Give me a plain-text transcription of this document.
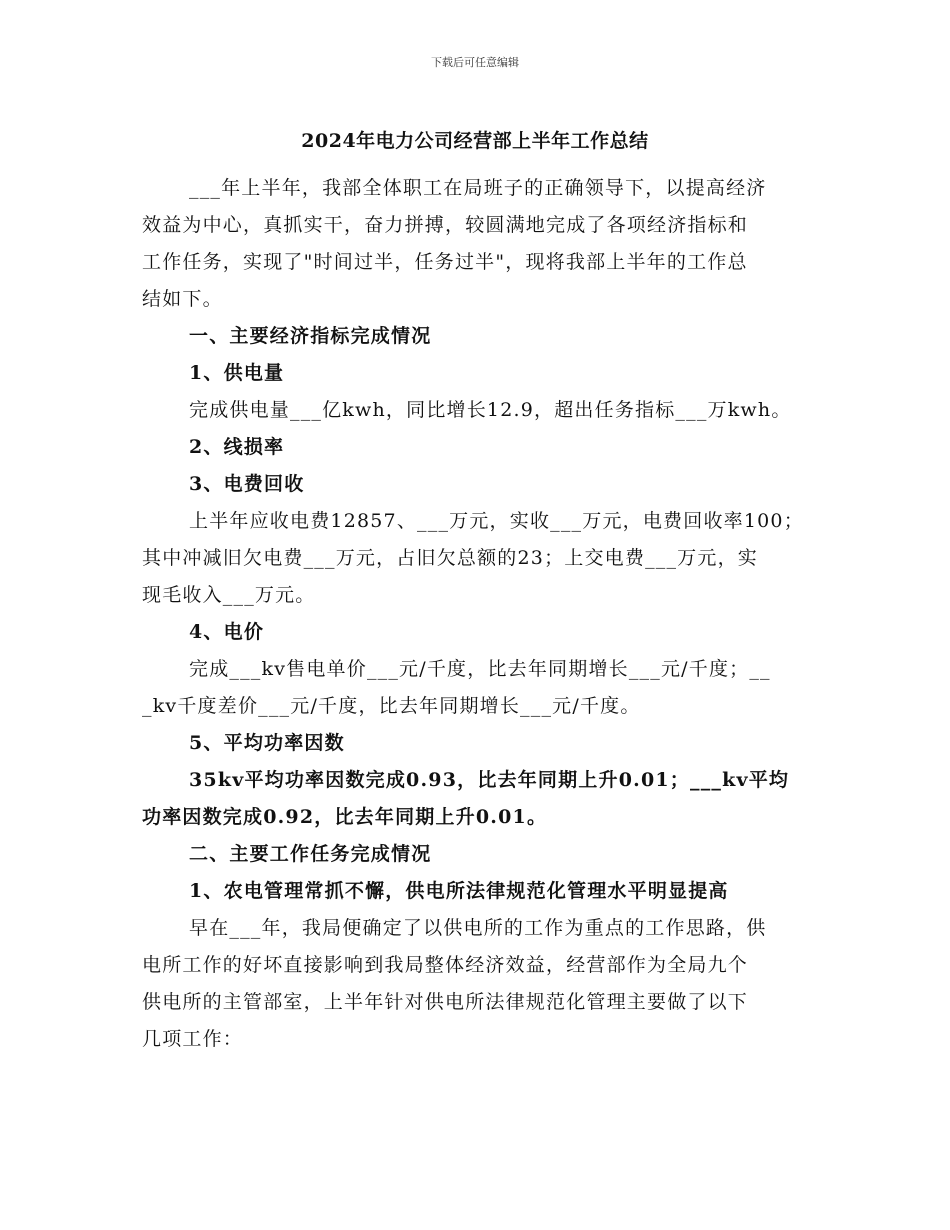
下载后可任意编辑
2024年电力公司经营部上半年工作总结
___年上半年，我部全体职工在局班子的正确领导下，以提高经济
效益为中心，真抓实干，奋力拼搏，较圆满地完成了各项经济指标和
工作任务，实现了"时间过半，任务过半"，现将我部上半年的工作总
结如下。
一、主要经济指标完成情况
1、供电量
完成供电量___亿kwh，同比增长12.9，超出任务指标___万kwh。
2、线损率
3、电费回收
上半年应收电费12857、___万元，实收___万元，电费回收率100；
其中冲减旧欠电费___万元，占旧欠总额的23；上交电费___万元，实
现毛收入___万元。
4、电价
完成___kv售电单价___元/千度，比去年同期增长___元/千度；__
_kv千度差价___元/千度，比去年同期增长___元/千度。
5、平均功率因数
35kv平均功率因数完成0.93，比去年同期上升0.01；___kv平均
功率因数完成0.92，比去年同期上升0.01。
二、主要工作任务完成情况
1、农电管理常抓不懈，供电所法律规范化管理水平明显提高
早在___年，我局便确定了以供电所的工作为重点的工作思路，供
电所工作的好坏直接影响到我局整体经济效益，经营部作为全局九个
供电所的主管部室，上半年针对供电所法律规范化管理主要做了以下
几项工作：
